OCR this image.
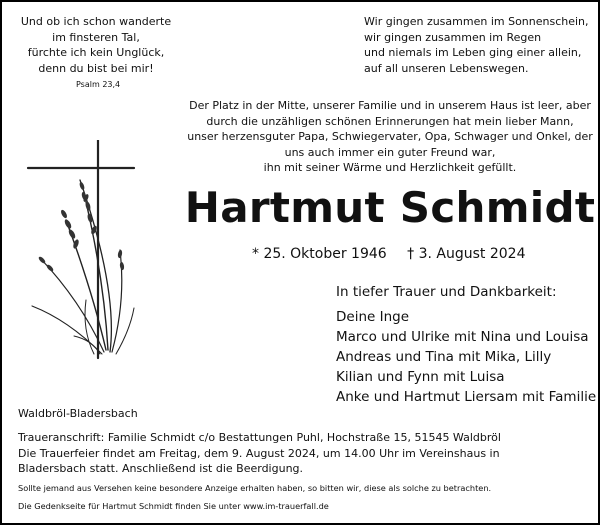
Und ob ich schon wanderte
im finsteren Tal,
fürchte ich kein Unglück,
denn du bist bei mir!
Psalm 23,4
Wir gingen zusammen im Sonnenschein,
wir gingen zusammen im Regen
und niemals im Leben ging einer allein,
auf all unseren Lebenswegen.
Der Platz in der Mitte, unserer Familie und in unserem Haus ist leer, aber
durch die unzähligen schönen Erinnerungen hat mein lieber Mann,
unser herzensguter Papa, Schwiegervater, Opa, Schwager und Onkel, der
uns auch immer ein guter Freund war,
ihn mit seiner Wärme und Herzlichkeit gefüllt.
Hartmut Schmidt
* 25. Oktober 1946 † 3. August 2024
In tiefer Trauer und Dankbarkeit:
Deine Inge
Marco und Ulrike mit Nina und Louisa
Andreas und Tina mit Mika, Lilly
Kilian und Fynn mit Luisa
Anke und Hartmut Liersam mit Familie
Waldbröl-Bladersbach
Traueranschrift: Familie Schmidt c/o Bestattungen Puhl, Hochstraße 15, 51545 Waldbröl
Die Trauerfeier findet am Freitag, dem 9. August 2024, um 14.00 Uhr im Vereinshaus in
Bladersbach statt. Anschließend ist die Beerdigung.
Sollte jemand aus Versehen keine besondere Anzeige erhalten haben, so bitten wir, diese als solche zu betrachten.
Die Gedenkseite für Hartmut Schmidt finden Sie unter www.im-trauerfall.de
